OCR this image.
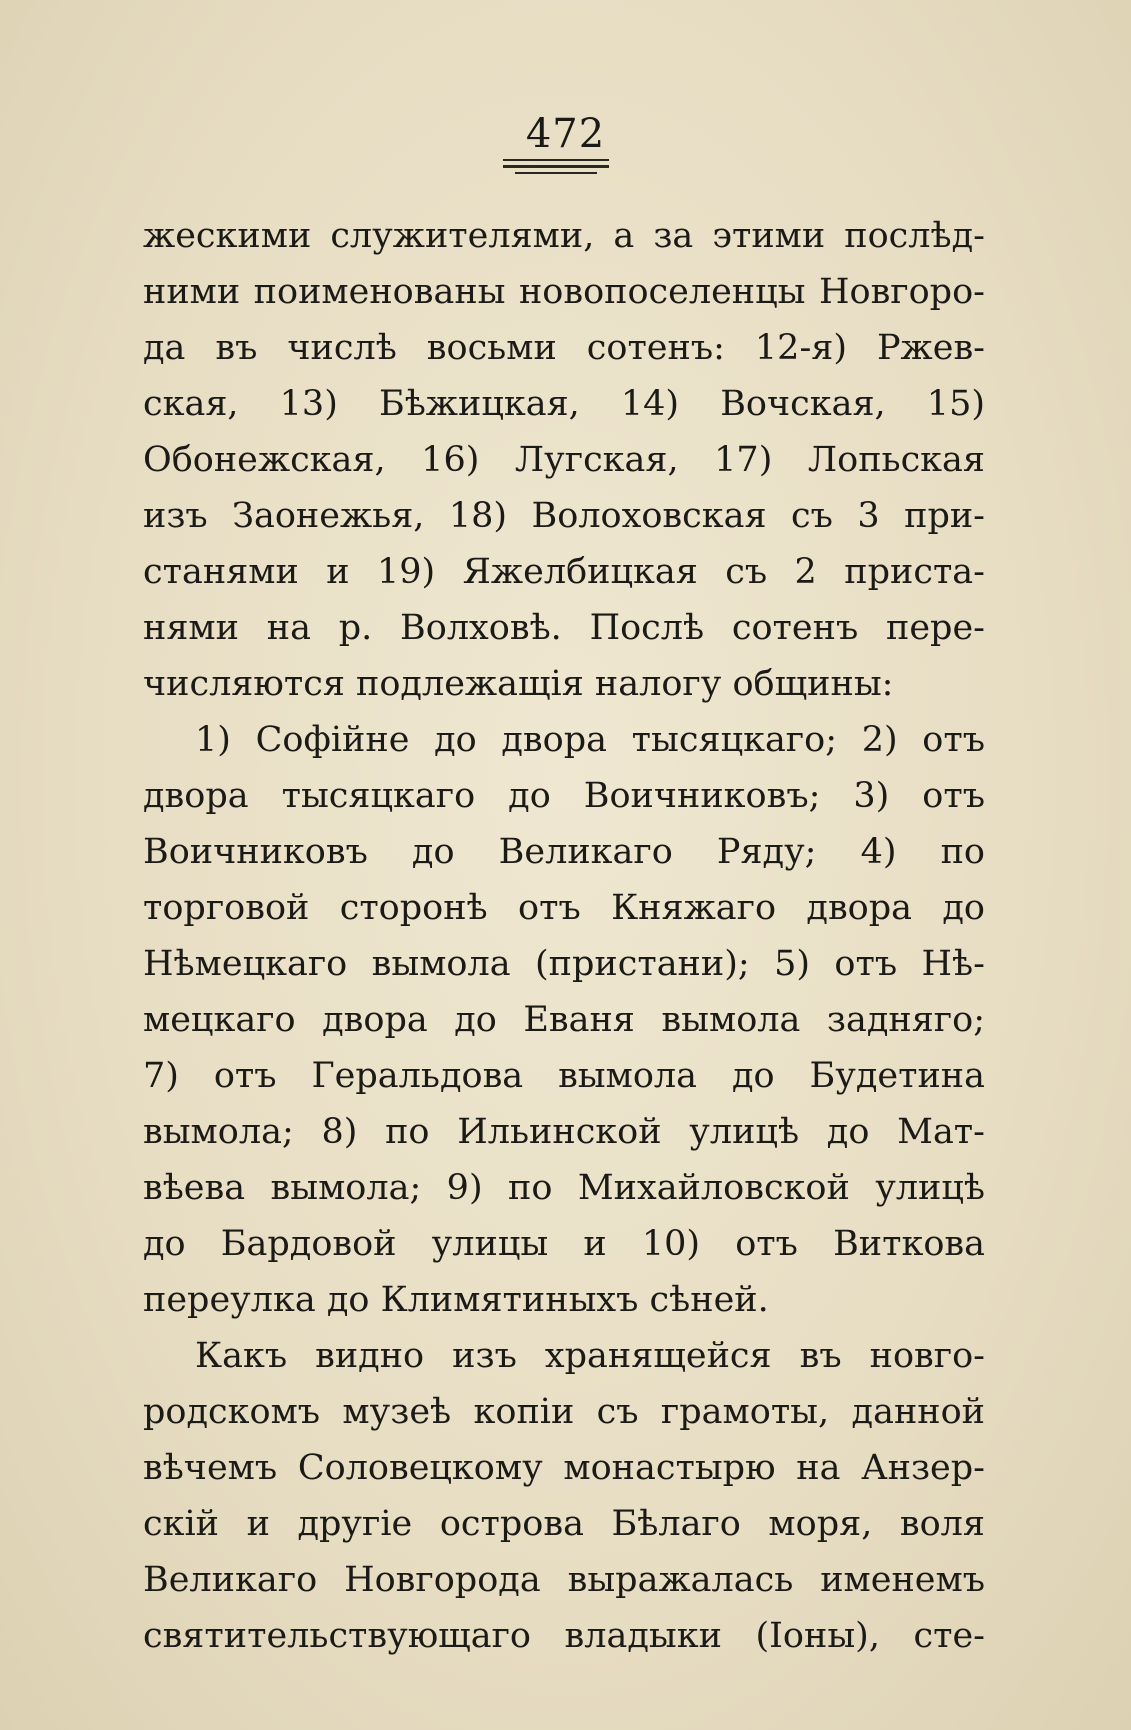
472
жескими служителями, а за этими послѣд-
ними поименованы новопоселенцы Новгоро-
да въ числѣ восьми сотенъ: 12-я) Ржев-
ская, 13) Бѣжицкая, 14) Вочская, 15)
Обонежская, 16) Лугская, 17) Лопьская
изъ Заонежья, 18) Волоховская съ 3 при-
станями и 19) Яжелбицкая съ 2 приста-
нями на р. Волховѣ. Послѣ сотенъ пере-
числяются подлежащія налогу общины:
1) Софійне до двора тысяцкаго; 2) отъ
двора тысяцкаго до Воичниковъ; 3) отъ
Воичниковъ до Великаго Ряду; 4) по
торговой сторонѣ отъ Княжаго двора до
Нѣмецкаго вымола (пристани); 5) отъ Нѣ-
мецкаго двора до Еваня вымола задняго;
7) отъ Геральдова вымола до Будетина
вымола; 8) по Ильинской улицѣ до Мат-
вѣева вымола; 9) по Михайловской улицѣ
до Бардовой улицы и 10) отъ Виткова
переулка до Климятиныхъ сѣней.
Какъ видно изъ хранящейся въ новго-
родскомъ музеѣ копіи съ грамоты, данной
вѣчемъ Соловецкому монастырю на Анзер-
скій и другіе острова Бѣлаго моря, воля
Великаго Новгорода выражалась именемъ
святительствующаго владыки (Іоны), сте-
